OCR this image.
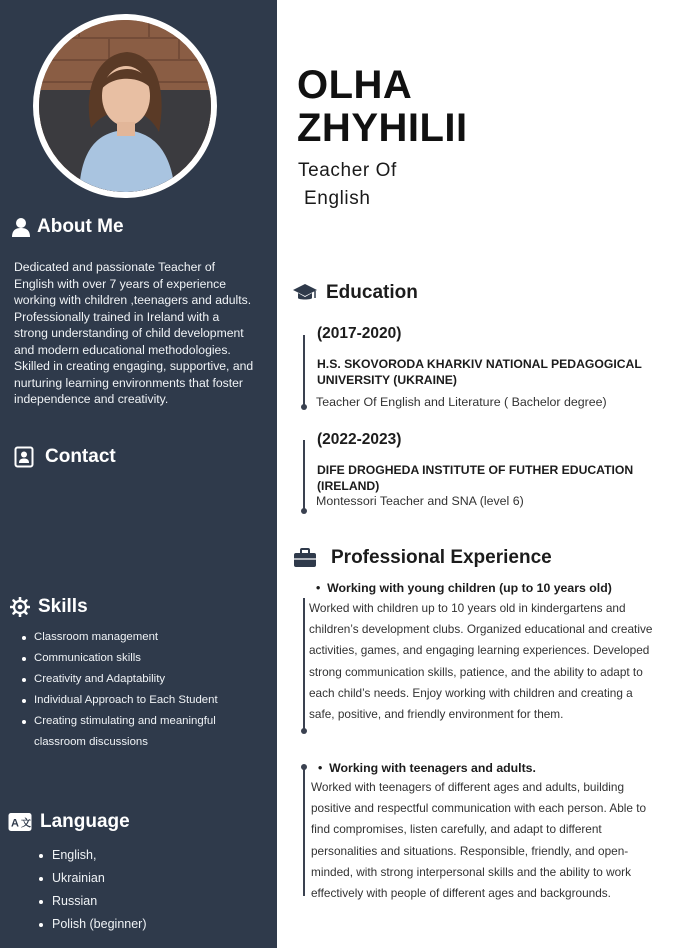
About Me
Dedicated and passionate Teacher of English with over 7 years of experience working with children ,teenagers and adults. Professionally trained in Ireland with a strong understanding of child development and modern educational methodologies. Skilled in creating engaging, supportive, and nurturing learning environments that foster independence and creativity.
Contact
Skills
Classroom management
Communication skills
Creativity and Adaptability
Individual Approach to Each Student
Creating stimulating and meaningful classroom discussions
A 文 Language
English,
Ukrainian
Russian
Polish (beginner)
OLHA
ZHYHILII
Teacher Of
English
Education
(2017-2020)
H.S. SKOVORODA KHARKIV NATIONAL PEDAGOGICAL UNIVERSITY (UKRAINE)
Teacher Of English and Literature ( Bachelor degree)
(2022-2023)
DIFE DROGHEDA INSTITUTE OF FUTHER EDUCATION (IRELAND)
Montessori Teacher and SNA (level 6)
Professional Experience
•  Working with young children (up to 10 years old)
Worked with children up to 10 years old in kindergartens and children’s development clubs. Organized educational and creative activities, games, and engaging learning experiences. Developed strong communication skills, patience, and the ability to adapt to each child’s needs. Enjoy working with children and creating a safe, positive, and friendly environment for them.
•  Working with teenagers and adults.
Worked with teenagers of different ages and adults, building positive and respectful communication with each person. Able to find compromises, listen carefully, and adapt to different personalities and situations. Responsible, friendly, and open-minded, with strong interpersonal skills and the ability to work effectively with people of different ages and backgrounds.
